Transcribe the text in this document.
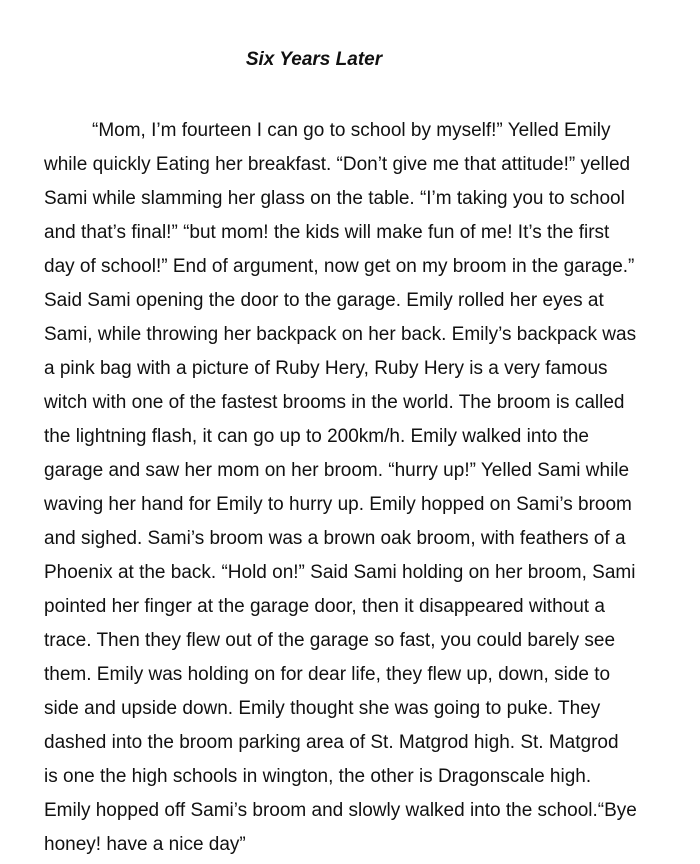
Six Years Later
“Mom, I’m fourteen I can go to school by myself!” Yelled Emily
while quickly Eating her breakfast. “Don’t give me that attitude!” yelled
Sami while slamming her glass on the table. “I’m taking you to school
and that’s final!” “but mom! the kids will make fun of me! It’s the first
day of school!” End of argument, now get on my broom in the garage.”
Said Sami opening the door to the garage. Emily rolled her eyes at
Sami, while throwing her backpack on her back. Emily’s backpack was
a pink bag with a picture of Ruby Hery, Ruby Hery is a very famous
witch with one of the fastest brooms in the world. The broom is called
the lightning flash, it can go up to 200km/h. Emily walked into the
garage and saw her mom on her broom. “hurry up!” Yelled Sami while
waving her hand for Emily to hurry up. Emily hopped on Sami’s broom
and sighed. Sami’s broom was a brown oak broom, with feathers of a
Phoenix at the back. “Hold on!” Said Sami holding on her broom, Sami
pointed her finger at the garage door, then it disappeared without a
trace. Then they flew out of the garage so fast, you could barely see
them. Emily was holding on for dear life, they flew up, down, side to
side and upside down. Emily thought she was going to puke. They
dashed into the broom parking area of St. Matgrod high. St. Matgrod
is one the high schools in wington, the other is Dragonscale high.
Emily hopped off Sami’s broom and slowly walked into the school.“Bye
honey! have a nice day”
